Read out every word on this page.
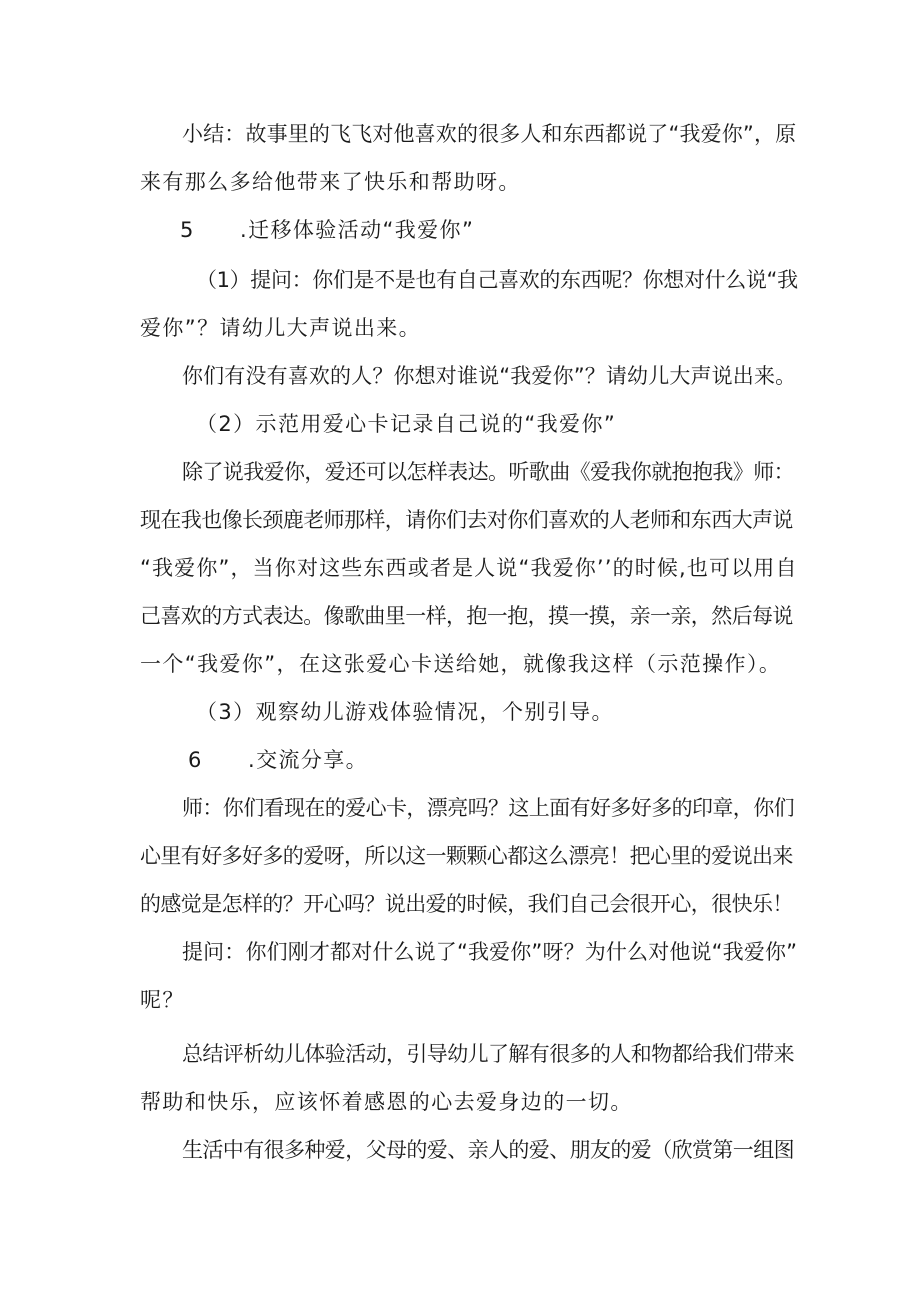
小结：故事里的飞飞对他喜欢的很多人和东西都说了“我爱你”，原
来有那么多给他带来了快乐和帮助呀。
5 .迁移体验活动“我爱你”
（1）提问：你们是不是也有自己喜欢的东西呢？你想对什么说“我
爱你”？请幼儿大声说出来。
你们有没有喜欢的人？你想对谁说“我爱你”？请幼儿大声说出来。
（2）示范用爱心卡记录自己说的“我爱你”
除了说我爱你，爱还可以怎样表达。听歌曲《爱我你就抱抱我》师：
现在我也像长颈鹿老师那样，请你们去对你们喜欢的人老师和东西大声说
“我爱你”，当你对这些东西或者是人说“我爱你’’的时候,也可以用自
己喜欢的方式表达。像歌曲里一样，抱一抱，摸一摸，亲一亲，然后每说
一个“我爱你”，在这张爱心卡送给她，就像我这样（示范操作）。
（3）观察幼儿游戏体验情况，个别引导。
6 .交流分享。
师：你们看现在的爱心卡，漂亮吗？这上面有好多好多的印章，你们
心里有好多好多的爱呀，所以这一颗颗心都这么漂亮！把心里的爱说出来
的感觉是怎样的？开心吗？说出爱的时候，我们自己会很开心，很快乐！
提问：你们刚才都对什么说了“我爱你”呀？为什么对他说“我爱你”
呢？
总结评析幼儿体验活动，引导幼儿了解有很多的人和物都给我们带来
帮助和快乐，应该怀着感恩的心去爱身边的一切。
生活中有很多种爱，父母的爱、亲人的爱、朋友的爱（欣赏第一组图
